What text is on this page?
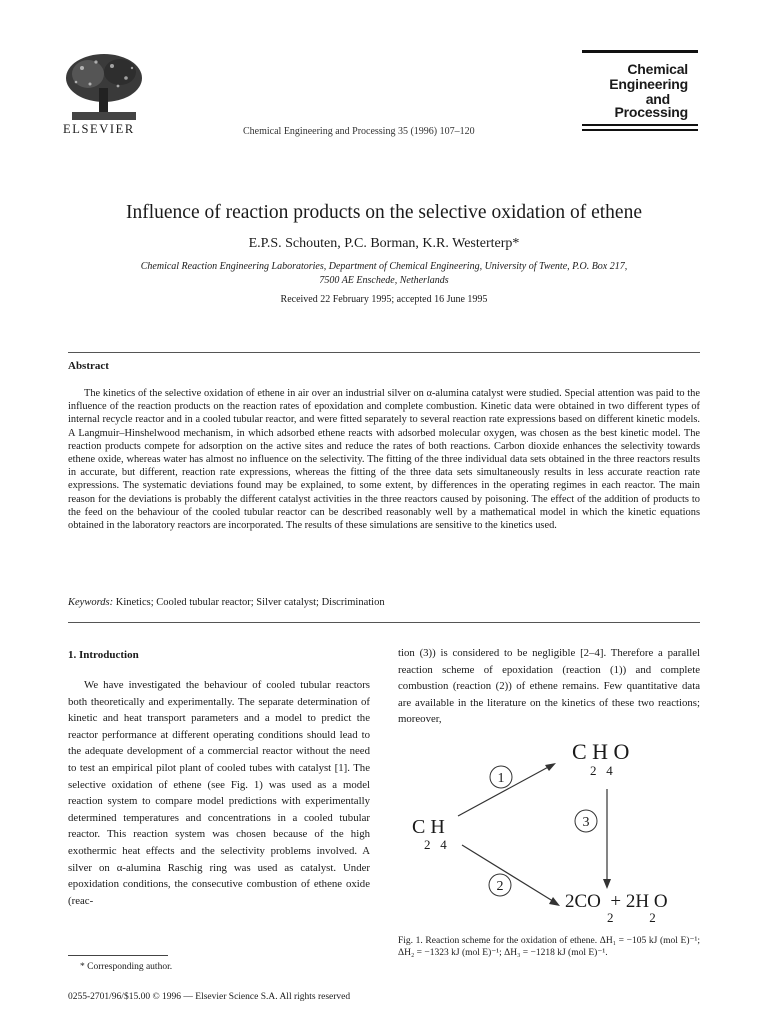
ELSEVIER	Chemical Engineering and Processing 35 (1996) 107–120
Chemical
Engineering
and
Processing
Influence of reaction products on the selective oxidation of ethene
E.P.S. Schouten, P.C. Borman, K.R. Westerterp*
Chemical Reaction Engineering Laboratories, Department of Chemical Engineering, University of Twente, P.O. Box 217,
7500 AE Enschede, Netherlands
Received 22 February 1995; accepted 16 June 1995
Abstract
The kinetics of the selective oxidation of ethene in air over an industrial silver on α-alumina catalyst were studied. Special attention was paid to the influence of the reaction products on the reaction rates of epoxidation and complete combustion. Kinetic data were obtained in two different types of internal recycle reactor and in a cooled tubular reactor, and were fitted separately to several reaction rate expressions based on different kinetic models. A Langmuir–Hinshelwood mechanism, in which adsorbed ethene reacts with adsorbed molecular oxygen, was chosen as the best kinetic model. The reaction products compete for adsorption on the active sites and reduce the rates of both reactions. Carbon dioxide enhances the selectivity towards ethene oxide, whereas water has almost no influence on the selectivity. The fitting of the three individual data sets obtained in the three reactors results in accurate, but different, reaction rate expressions, whereas the fitting of the three data sets simultaneously results in less accurate reaction rate expressions. The systematic deviations found may be explained, to some extent, by differences in the operating regimes in each reactor. The main reason for the deviations is probably the different catalyst activities in the three reactors caused by poisoning. The effect of the addition of products to the feed on the behaviour of the cooled tubular reactor can be described reasonably well by a mathematical model in which the kinetic equations obtained in the laboratory reactors are incorporated. The results of these simulations are sensitive to the kinetics used.
Keywords: Kinetics; Cooled tubular reactor; Silver catalyst; Discrimination
1. Introduction
We have investigated the behaviour of cooled tubular reactors both theoretically and experimentally. The separate determination of kinetic and heat transport parameters and a model to predict the reactor performance at different operating conditions should lead to the adequate development of a commercial reactor without the need to test an empirical pilot plant of cooled tubes with catalyst [1]. The selective oxidation of ethene (see Fig. 1) was used as a model reaction system to compare model predictions with experimentally determined temperatures and concentrations in a cooled tubular reactor. This reaction system was chosen because of the high exothermic heat effects and the selectivity problems involved. A silver on α-alumina Raschig ring was used as catalyst. Under epoxidation conditions, the consecutive combustion of ethene oxide (reac-
tion (3)) is considered to be negligible [2–4]. Therefore a parallel reaction scheme of epoxidation (reaction (1)) and complete combustion (reaction (2)) of ethene remains. Few quantitative data are available in the literature on the kinetics of these two reactions; moreover,
1
3
2
C H
2   4
C H O
2   4
2CO  + 2H O
2           2
Fig. 1. Reaction scheme for the oxidation of ethene. ΔH₁ = −105 kJ (mol E)⁻¹; ΔH₂ = −1323 kJ (mol E)⁻¹; ΔH₃ = −1218 kJ (mol E)⁻¹.
* Corresponding author.
0255-2701/96/$15.00 © 1996 — Elsevier Science S.A. All rights reserved
